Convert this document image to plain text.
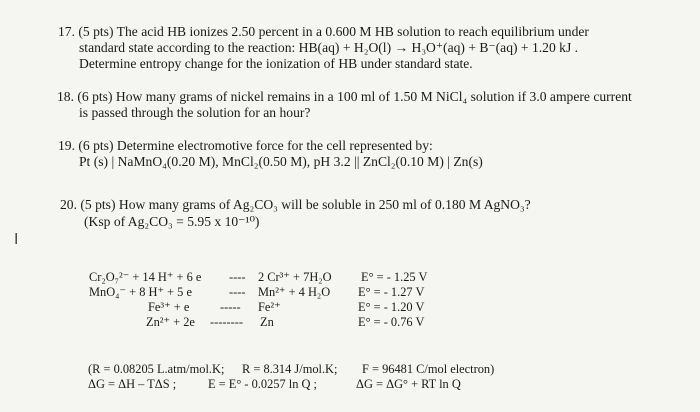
17. (5 pts) The acid HB ionizes 2.50 percent in a 0.600 M HB solution to reach equilibrium under
standard state according to the reaction: HB(aq) + H₂O(l) → H₃O⁺(aq) + B⁻(aq) + 1.20 kJ .
Determine entropy change for the ionization of HB under standard state.
18. (6 pts) How many grams of nickel remains in a 100 ml of 1.50 M NiCl₄ solution if 3.0 ampere current
is passed through the solution for an hour?
19. (6 pts) Determine electromotive force for the cell represented by:
Pt (s) | NaMnO₄(0.20 M), MnCl₂(0.50 M), pH 3.2 || ZnCl₂(0.10 M) | Zn(s)
20. (5 pts) How many grams of Ag₂CO₃ will be soluble in 250 ml of 0.180 M AgNO₃?
(Ksp of Ag₂CO₃ = 5.95 x 10⁻¹⁰)
I
Cr₂O₇²⁻ + 14 H⁺ + 6 e ---- 2 Cr³⁺ + 7H₂O E° = - 1.25 V
MnO₄⁻ + 8 H⁺ + 5 e	---- Mn²⁺ + 4 H₂O E° = - 1.27 V
Fe³⁺ + e ----- Fe²⁺	E° = - 1.20 V
Zn²⁺ + 2e -------- Zn	E° = - 0.76 V
(R = 0.08205 L.atm/mol.K; R = 8.314 J/mol.K; F = 96481 C/mol electron)
ΔG = ΔH – TΔS ;	E = E° - 0.0257 ln Q ;	ΔG = ΔG° + RT ln Q
